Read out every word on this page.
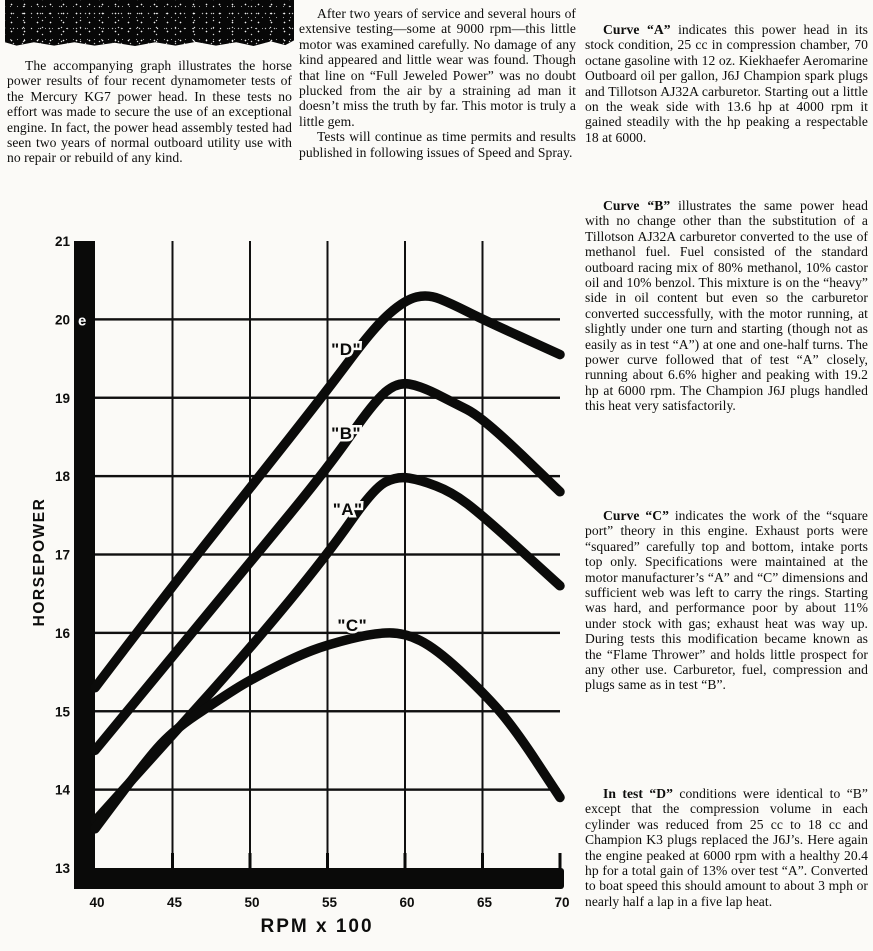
The accompanying graph illustrates the horse power results of four recent dynamometer tests of the Mercury KG7 power head. In these tests no effort was made to secure the use of an exceptional engine. In fact, the power head assembly tested had seen two years of normal outboard utility use with no repair or rebuild of any kind.

After two years of service and several hours of extensive testing—some at 9000 rpm—this little motor was examined carefully. No damage of any kind appeared and little wear was found. Though that line on “Full Jeweled Power” was no doubt plucked from the air by a straining ad man it doesn’t miss the truth by far. This motor is truly a little gem.

Tests will continue as time permits and results published in following issues of Speed and Spray.

Curve “A” indicates this power head in its stock condition, 25 cc in compression chamber, 70 octane gasoline with 12 oz. Kiekhaefer Aeromarine Outboard oil per gallon, J6J Champion spark plugs and Tillotson AJ32A carburetor. Starting out a little on the weak side with 13.6 hp at 4000 rpm it gained steadily with the hp peaking a respectable 18 at 6000.

Curve “B” illustrates the same power head with no change other than the substitution of a Tillotson AJ32A carburetor converted to the use of methanol fuel. Fuel consisted of the standard outboard racing mix of 80% methanol, 10% castor oil and 10% benzol. This mixture is on the “heavy” side in oil content but even so the carburetor converted successfully, with the motor running, at slightly under one turn and starting (though not as easily as in test “A”) at one and one-half turns. The power curve followed that of test “A” closely, running about 6.6% higher and peaking with 19.2 hp at 6000 rpm. The Champion J6J plugs handled this heat very satisfactorily.

Curve “C” indicates the work of the “square port” theory in this engine. Exhaust ports were “squared” carefully top and bottom, intake ports top only. Specifications were maintained at the motor manufacturer’s “A” and “C” dimensions and sufficient web was left to carry the rings. Starting was hard, and performance poor by about 11% under stock with gas; exhaust heat was way up. During tests this modification became known as the “Flame Thrower” and holds little prospect for any other use. Carburetor, fuel, compression and plugs same as in test “B”.

In test “D” conditions were identical to “B” except that the compression volume in each cylinder was reduced from 25 cc to 18 cc and Champion K3 plugs replaced the J6J’s. Here again the engine peaked at 6000 rpm with a healthy 20.4 hp for a total gain of 13% over test “A”. Converted to boat speed this should amount to about 3 mph or nearly half a lap in a five lap heat.

13
14
15
16
17
18
19
20
21
40	45	50	55	60	65	70
HORSEPOWER
RPM x 100
"D"
"B"
"A"
"C"
e
